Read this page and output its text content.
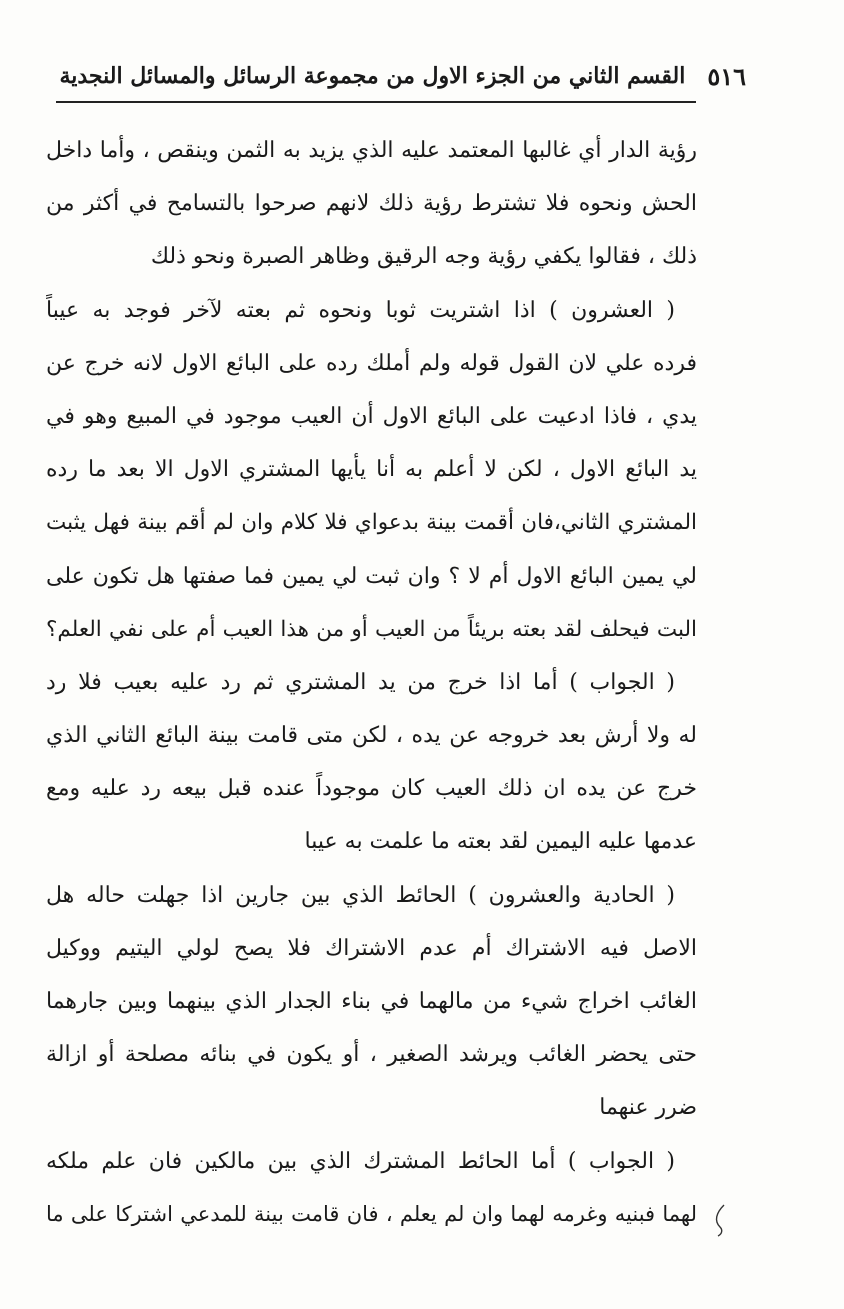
٥١٦
القسم الثاني من الجزء الاول من مجموعة الرسائل والمسائل النجدية
رؤية الدار أي غالبها المعتمد عليه الذي يزيد به الثمن وينقص ، وأما داخل
الحش ونحوه فلا تشترط رؤية ذلك لانهم صرحوا بالتسامح في أكثر من
ذلك ، فقالوا يكفي رؤية وجه الرقيق وظاهر الصبرة ونحو ذلك
( العشرون ) اذا اشتريت ثوبا ونحوه ثم بعته لآخر فوجد به عيباً
فرده علي لان القول قوله ولم أملك رده على البائع الاول لانه خرج عن
يدي ، فاذا ادعيت على البائع الاول أن العيب موجود في المبيع وهو في
يد البائع الاول ، لكن لا أعلم به أنا يأيها المشتري الاول الا بعد ما رده
المشتري الثاني،فان أقمت بينة بدعواي فلا كلام وان لم أقم بينة فهل يثبت
لي يمين البائع الاول أم لا ؟ وان ثبت لي يمين فما صفتها هل تكون على
البت فيحلف لقد بعته بريئاً من العيب أو من هذا العيب أم على نفي العلم؟
( الجواب ) أما اذا خرج من يد المشتري ثم رد عليه بعيب فلا رد
له ولا أرش بعد خروجه عن يده ، لكن متى قامت بينة البائع الثاني الذي
خرج عن يده ان ذلك العيب كان موجوداً عنده قبل بيعه رد عليه ومع
عدمها عليه اليمين لقد بعته ما علمت به عيبا
( الحادية والعشرون ) الحائط الذي بين جارين اذا جهلت حاله هل
الاصل فيه الاشتراك أم عدم الاشتراك فلا يصح لولي اليتيم ووكيل
الغائب اخراج شيء من مالهما في بناء الجدار الذي بينهما وبين جارهما
حتى يحضر الغائب ويرشد الصغير ، أو يكون في بنائه مصلحة أو ازالة
ضرر عنهما
( الجواب ) أما الحائط المشترك الذي بين مالكين فان علم ملكه
لهما فبنيه وغرمه لهما وان لم يعلم ، فان قامت بينة للمدعي اشتركا على ما
